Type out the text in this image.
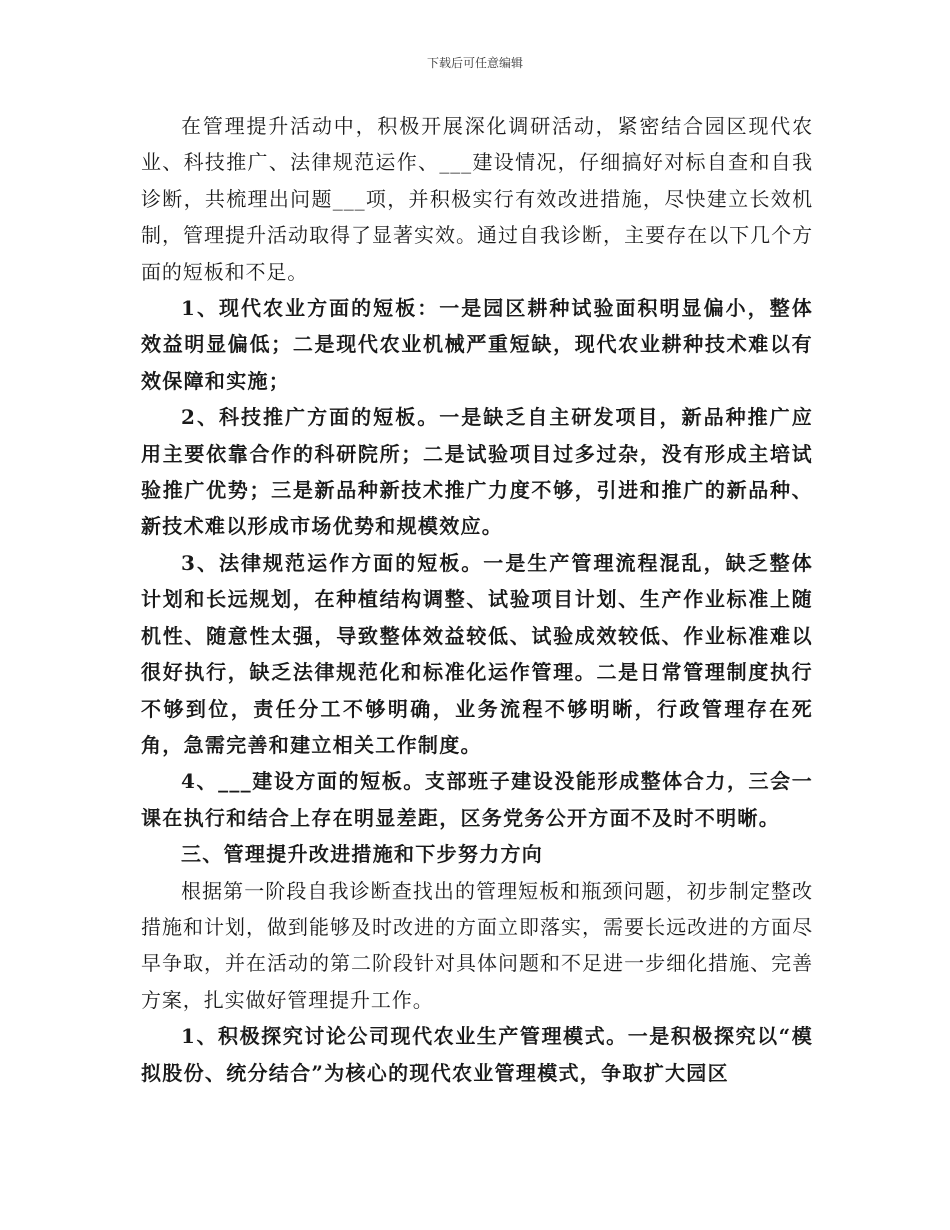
下载后可任意编辑

在管理提升活动中，积极开展深化调研活动，紧密结合园区现代农业、科技推广、法律规范运作、___建设情况，仔细搞好对标自查和自我诊断，共梳理出问题___项，并积极实行有效改进措施，尽快建立长效机制，管理提升活动取得了显著实效。通过自我诊断，主要存在以下几个方面的短板和不足。

1、现代农业方面的短板：一是园区耕种试验面积明显偏小，整体效益明显偏低；二是现代农业机械严重短缺，现代农业耕种技术难以有效保障和实施；

2、科技推广方面的短板。一是缺乏自主研发项目，新品种推广应用主要依靠合作的科研院所；二是试验项目过多过杂，没有形成主培试验推广优势；三是新品种新技术推广力度不够，引进和推广的新品种、新技术难以形成市场优势和规模效应。

3、法律规范运作方面的短板。一是生产管理流程混乱，缺乏整体计划和长远规划，在种植结构调整、试验项目计划、生产作业标准上随机性、随意性太强，导致整体效益较低、试验成效较低、作业标准难以很好执行，缺乏法律规范化和标准化运作管理。二是日常管理制度执行不够到位，责任分工不够明确，业务流程不够明晰，行政管理存在死角，急需完善和建立相关工作制度。

4、___建设方面的短板。支部班子建设没能形成整体合力，三会一课在执行和结合上存在明显差距，区务党务公开方面不及时不明晰。

三、管理提升改进措施和下步努力方向

根据第一阶段自我诊断查找出的管理短板和瓶颈问题，初步制定整改措施和计划，做到能够及时改进的方面立即落实，需要长远改进的方面尽早争取，并在活动的第二阶段针对具体问题和不足进一步细化措施、完善方案，扎实做好管理提升工作。

1、积极探究讨论公司现代农业生产管理模式。一是积极探究以“模拟股份、统分结合”为核心的现代农业管理模式，争取扩大园区
